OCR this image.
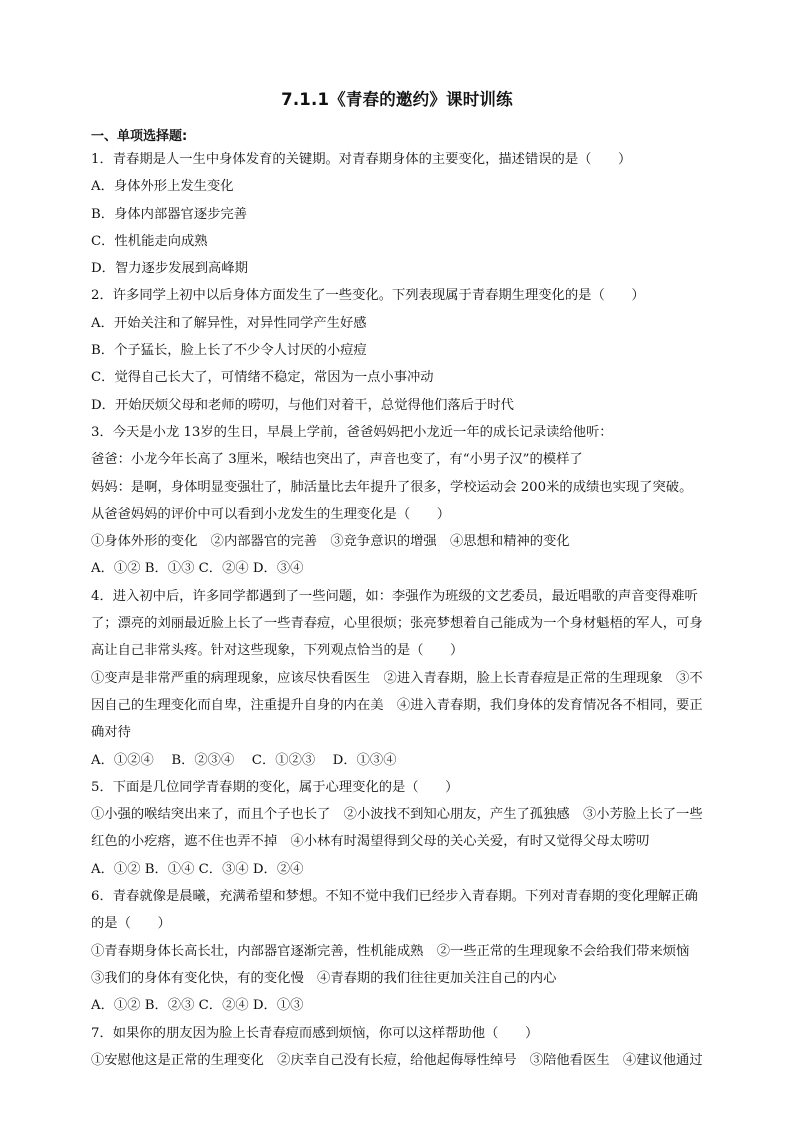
7.1.1《青春的邀约》课时训练
一、单项选择题:
1．青春期是人一生中身体发育的关键期。对青春期身体的主要变化，描述错误的是（　　）
A．身体外形上发生变化
B．身体内部器官逐步完善
C．性机能走向成熟
D．智力逐步发展到高峰期
2．许多同学上初中以后身体方面发生了一些变化。下列表现属于青春期生理变化的是（　　）
A．开始关注和了解异性，对异性同学产生好感
B．个子猛长，脸上长了不少令人讨厌的小痘痘
C．觉得自己长大了，可情绪不稳定，常因为一点小事冲动
D．开始厌烦父母和老师的唠叨，与他们对着干，总觉得他们落后于时代
3．今天是小龙 13岁的生日，早晨上学前，爸爸妈妈把小龙近一年的成长记录读给他听：
爸爸：小龙今年长高了 3厘米，喉结也突出了，声音也变了，有“小男子汉”的模样了
妈妈：是啊，身体明显变强壮了，肺活量比去年提升了很多，学校运动会 200米的成绩也实现了突破。
从爸爸妈妈的评价中可以看到小龙发生的生理变化是（　　）
①身体外形的变化　②内部器官的完善　③竞争意识的增强　④思想和精神的变化
A．①② B．①③ C．②④ D．③④
4．进入初中后，许多同学都遇到了一些问题，如：李强作为班级的文艺委员，最近唱歌的声音变得难听
了；漂亮的刘丽最近脸上长了一些青春痘，心里很烦；张亮梦想着自己能成为一个身材魁梧的军人，可身
高让自己非常头疼。针对这些现象，下列观点恰当的是（　　）
①变声是非常严重的病理现象，应该尽快看医生　②进入青春期，脸上长青春痘是正常的生理现象　③不
因自己的生理变化而自卑，注重提升自身的内在美　④进入青春期，我们身体的发育情况各不相同，要正
确对待
A．①②④　 B．②③④　 C．①②③　 D．①③④
5．下面是几位同学青春期的变化，属于心理变化的是（　　）
①小强的喉结突出来了，而且个子也长了　②小波找不到知心朋友，产生了孤独感　③小芳脸上长了一些
红色的小疙瘩，遮不住也弄不掉　④小林有时渴望得到父母的关心关爱，有时又觉得父母太唠叨
A．①② B．①④ C．③④ D．②④
6．青春就像是晨曦，充满希望和梦想。不知不觉中我们已经步入青春期。下列对青春期的变化理解正确
的是（　　）
①青春期身体长高长壮，内部器官逐渐完善，性机能成熟　②一些正常的生理现象不会给我们带来烦恼
③我们的身体有变化快，有的变化慢　④青春期的我们往往更加关注自己的内心
A．①② B．②③ C．②④ D．①③
7．如果你的朋友因为脸上长青春痘而感到烦恼，你可以这样帮助他（　　）
①安慰他这是正常的生理变化　②庆幸自己没有长痘，给他起侮辱性绰号　③陪他看医生　④建议他通过
